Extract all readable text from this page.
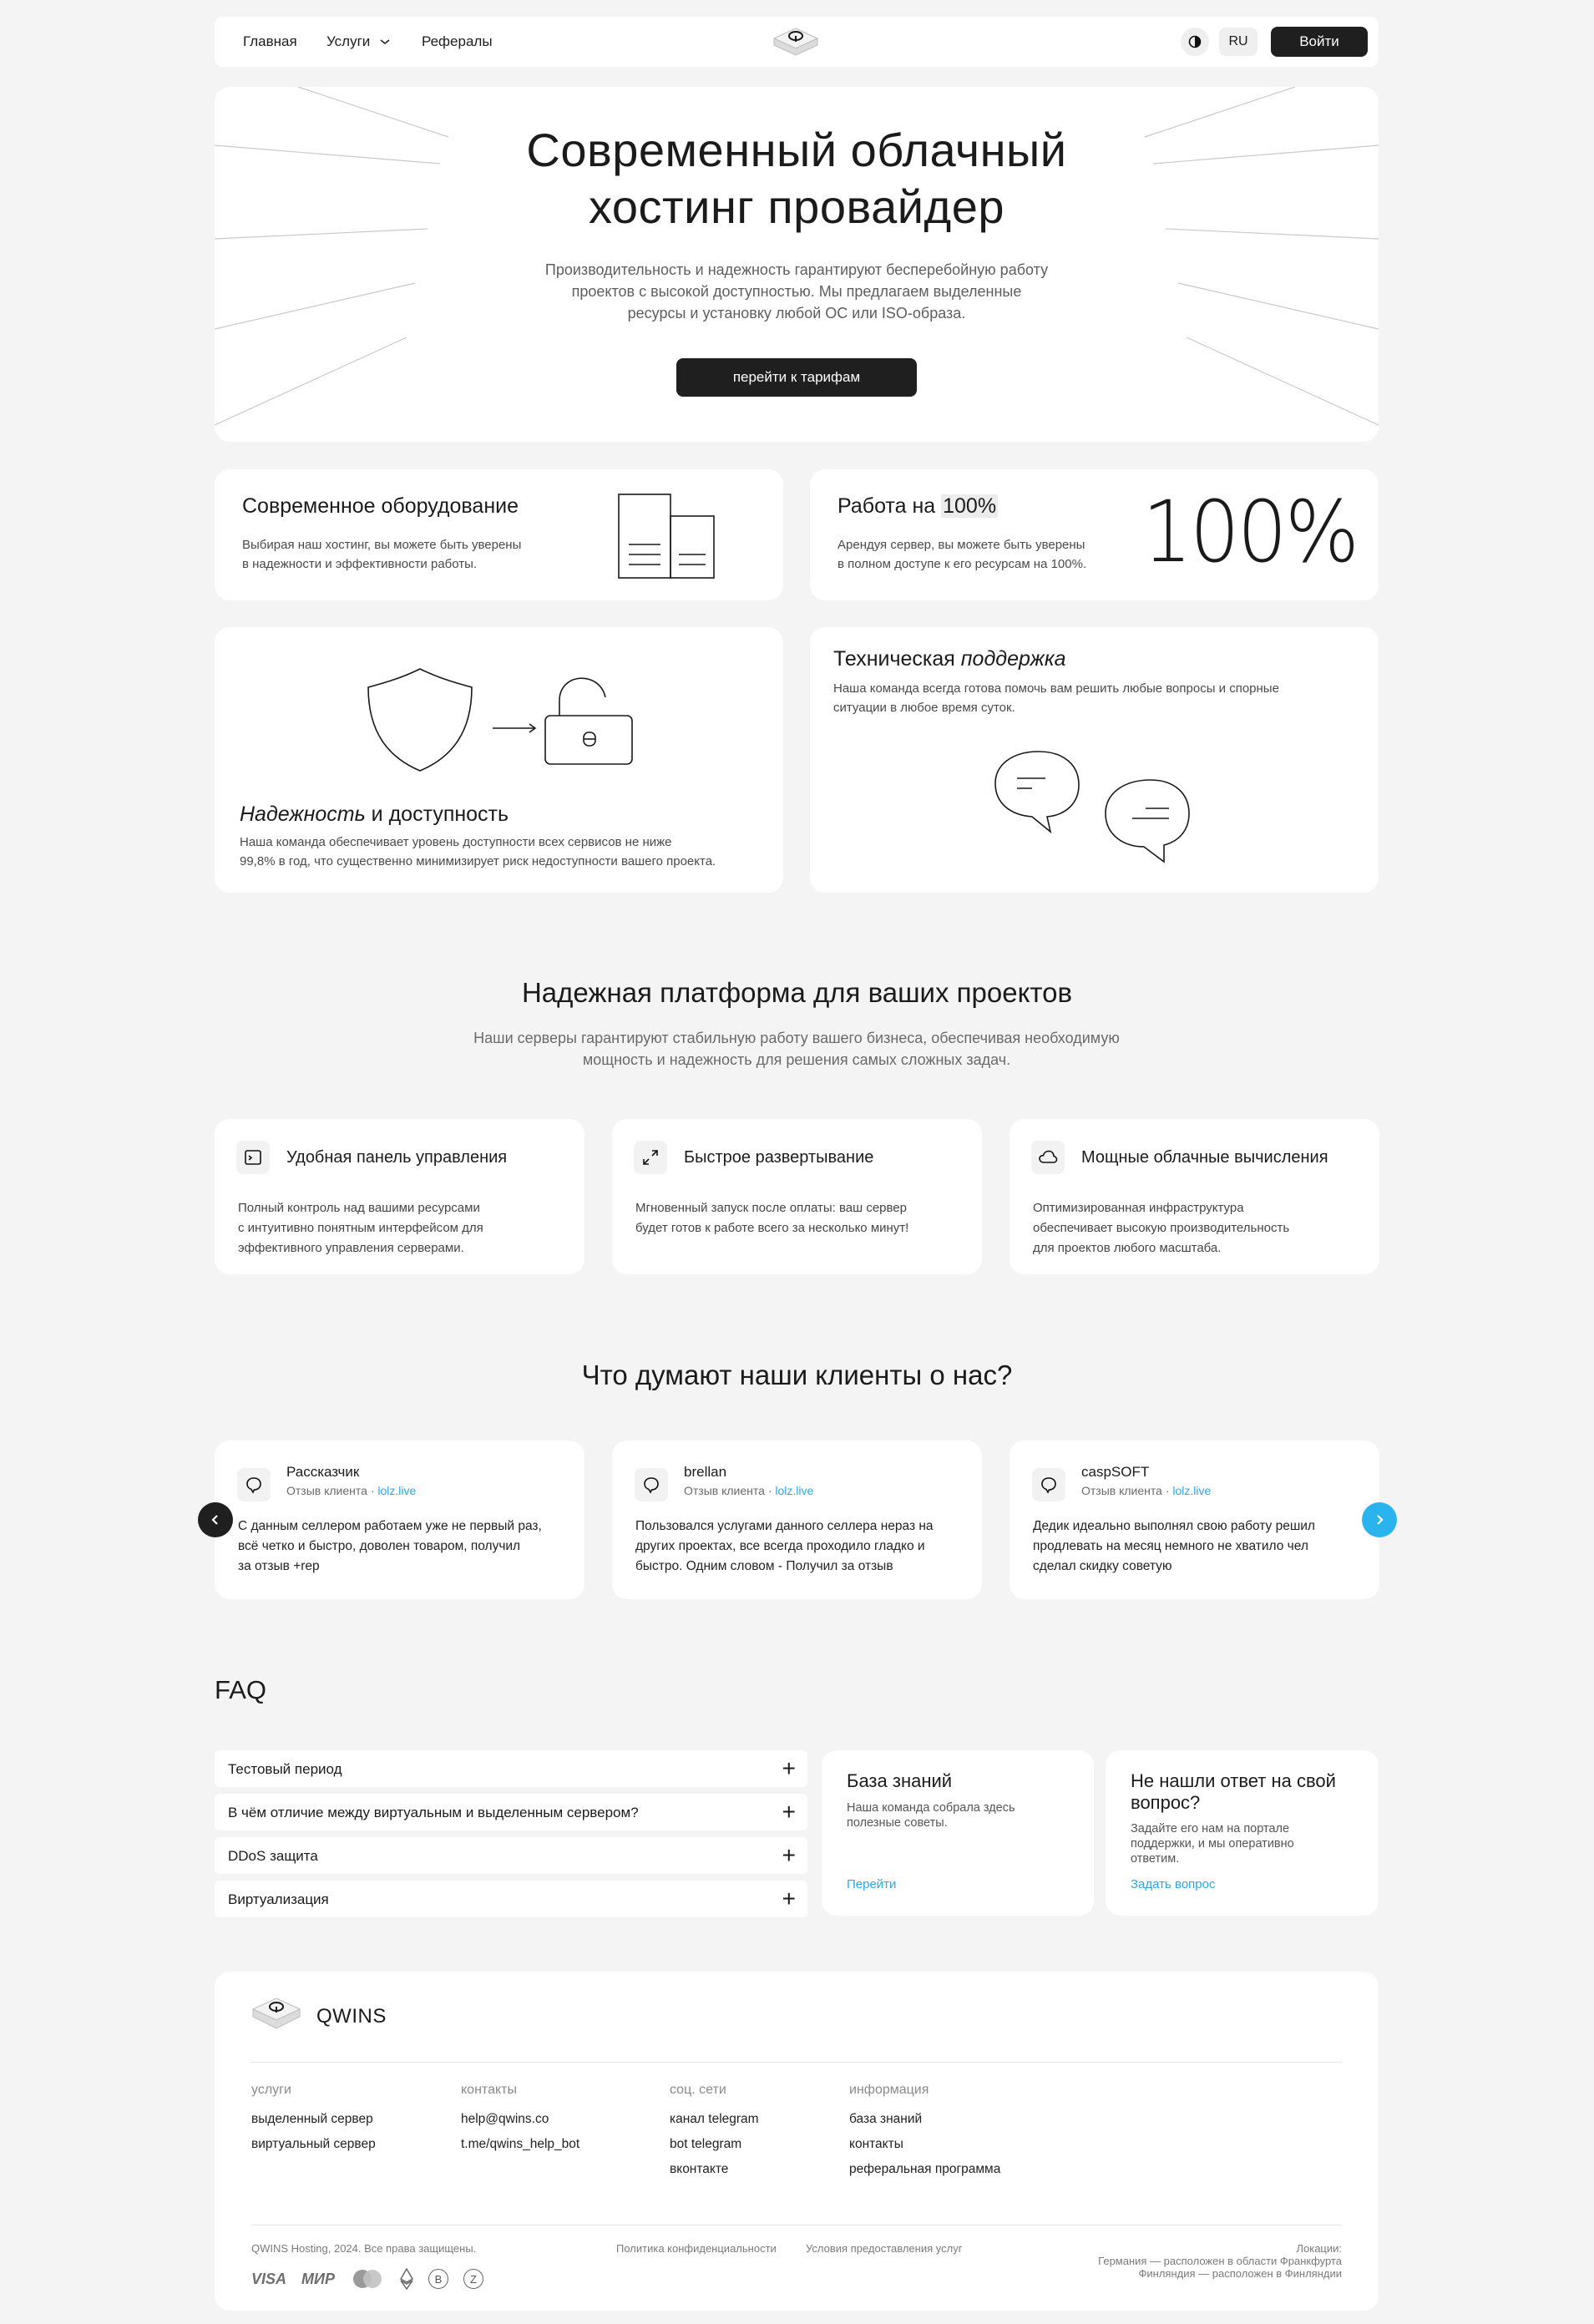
Главная Услуги	Рефералы	RU	Войти
Современный облачный
хостинг провайдер
Производительность и надежность гарантируют бесперебойную работу
проектов с высокой доступностью. Мы предлагаем выделенные
ресурсы и установку любой ОС или ISO-образа.
перейти к тарифам
Современное оборудование
Выбирая наш хостинг, вы можете быть уверены
в надежности и эффективности работы.
Работа на 100%
Арендуя сервер, вы можете быть уверены
в полном доступе к его ресурсам на 100%. 100%
Надежность и доступность
Наша команда обеспечивает уровень доступности всех сервисов не ниже
99,8% в год, что существенно минимизирует риск недоступности вашего проекта.
Техническая поддержка
Наша команда всегда готова помочь вам решить любые вопросы и спорные
ситуации в любое время суток.
Надежная платформа для ваших проектов
Наши серверы гарантируют стабильную работу вашего бизнеса, обеспечивая необходимую
мощность и надежность для решения самых сложных задач.
Удобная панель управления
Полный контроль над вашими ресурсами
с интуитивно понятным интерфейсом для
эффективного управления серверами.
Быстрое развертывание
Мгновенный запуск после оплаты: ваш сервер
будет готов к работе всего за несколько минут!
Мощные облачные вычисления
Оптимизированная инфраструктура
обеспечивает высокую производительность
для проектов любого масштаба.
Что думают наши клиенты о нас?
Рассказчик
Отзыв клиента · lolz.live
С данным селлером работаем уже не первый раз,
всё четко и быстро, доволен товаром, получил
за отзыв +rep
brellan
Отзыв клиента · lolz.live
Пользовался услугами данного селлера неpаз на
других проектах, все всегда проходило гладко и
быстро. Одним словом - Получил за отзыв
caspSOFT
Отзыв клиента · lolz.live
Дедик идеально выполнял свою работу решил
продлевать на месяц немного не хватило чел
сделал скидку советую
FAQ
Тестовый период	+
В чём отличие между виртуальным и выделенным сервером?	+
DDoS защита	+
Виртуализация	+
База знаний
Наша команда собрала здесь
полезные советы.
Перейти
Не нашли ответ на свой
вопрос?
Задайте его нам на портале
поддержки, и мы оперативно
ответим.
Задать вопрос
QWINS
услуги
выделенный сервер
виртуальный сервер
контакты
help@qwins.co
t.me/qwins_help_bot
соц. сети
канал telegram
bot telegram
вконтакте
информация
база знаний
контакты
реферальная программа
QWINS Hosting, 2024. Все права защищены.	Политика конфиденциальности	Условия предоставления услуг	Локации:
Германия — расположен в области Франкфурта
Финляндия — расположен в Финляндии
VISA МИР	B	Z
